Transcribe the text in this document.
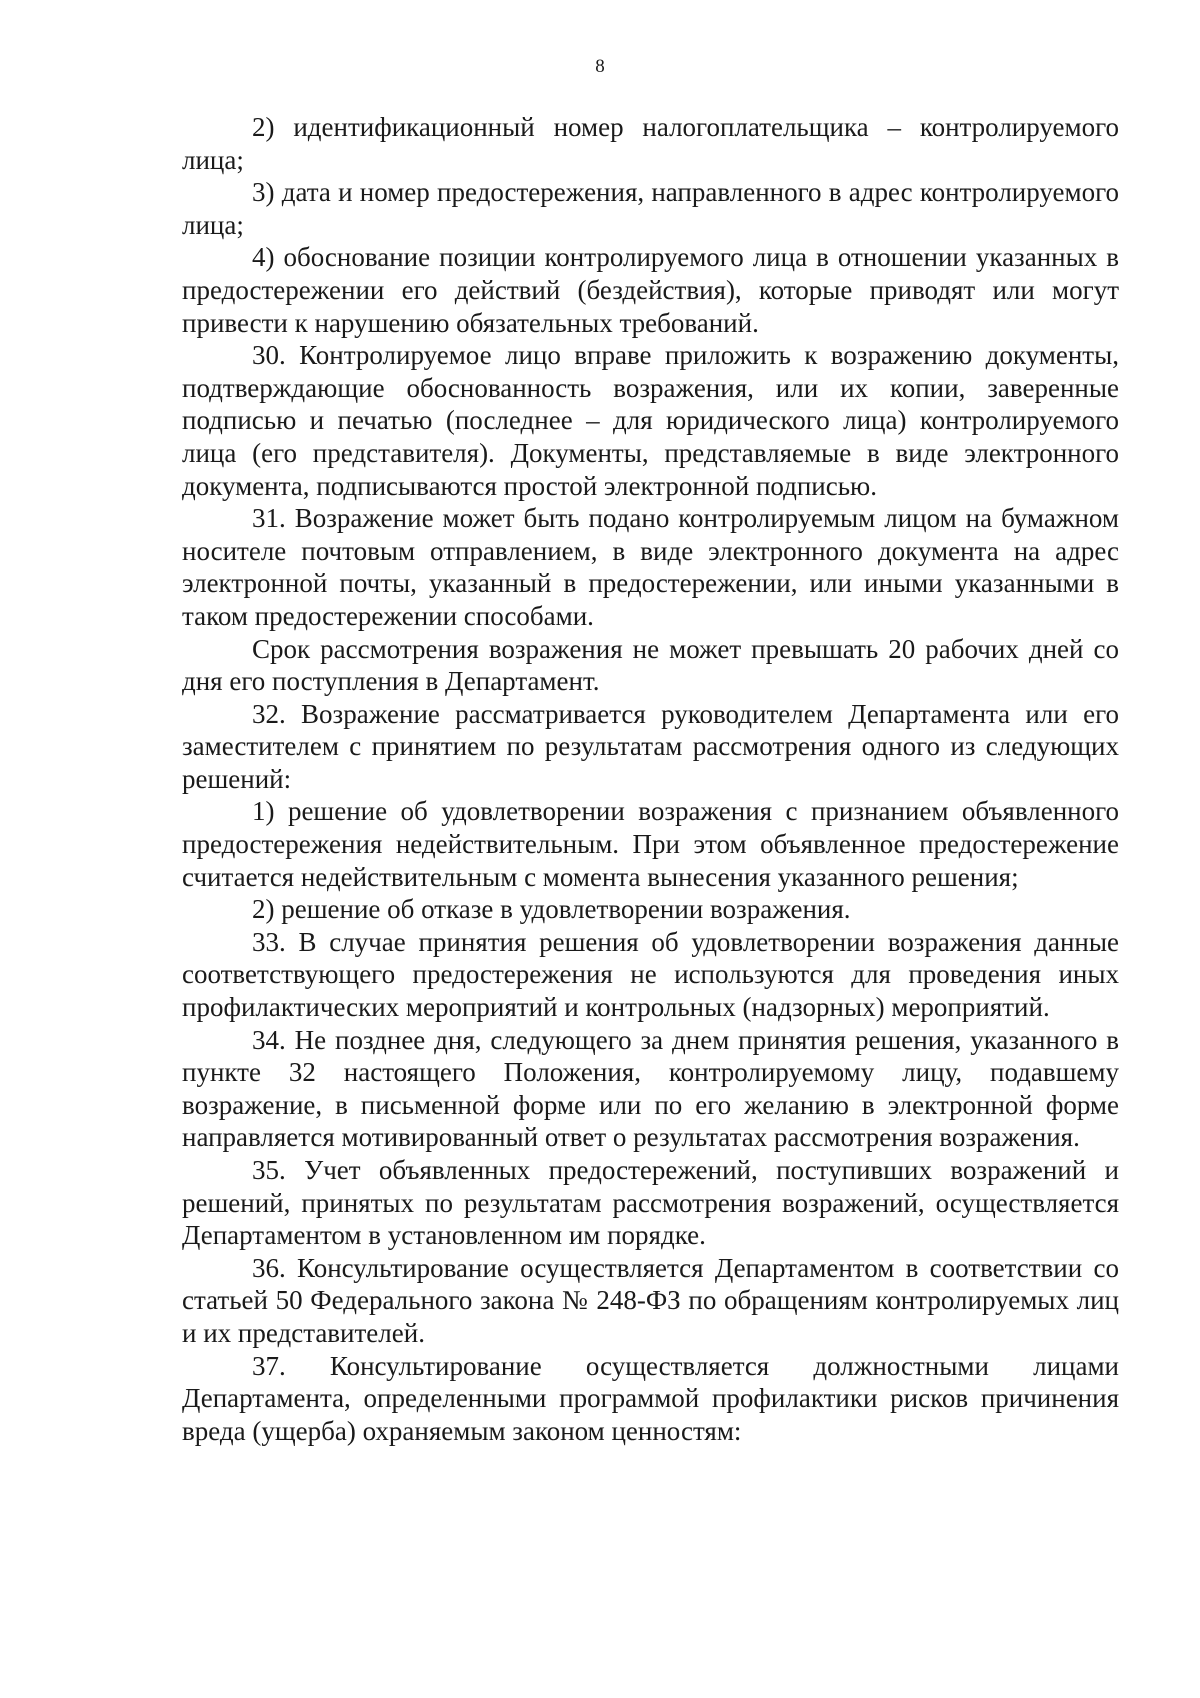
8

2) идентификационный номер налогоплательщика – контролируемого лица;

3) дата и номер предостережения, направленного в адрес контролируемого лица;

4) обоснование позиции контролируемого лица в отношении указанных в предостережении его действий (бездействия), которые приводят или могут привести к нарушению обязательных требований.

30. Контролируемое лицо вправе приложить к возражению документы, подтверждающие обоснованность возражения, или их копии, заверенные подписью и печатью (последнее – для юридического лица) контролируемого лица (его представителя). Документы, представляемые в виде электронного документа, подписываются простой электронной подписью.

31. Возражение может быть подано контролируемым лицом на бумажном носителе почтовым отправлением, в виде электронного документа на адрес электронной почты, указанный в предостережении, или иными указанными в таком предостережении способами.

Срок рассмотрения возражения не может превышать 20 рабочих дней со дня его поступления в Департамент.

32. Возражение рассматривается руководителем Департамента или его заместителем с принятием по результатам рассмотрения одного из следующих решений:

1) решение об удовлетворении возражения с признанием объявленного предостережения недействительным. При этом объявленное предостережение считается недействительным с момента вынесения указанного решения;

2) решение об отказе в удовлетворении возражения.

33. В случае принятия решения об удовлетворении возражения данные соответствующего предостережения не используются для проведения иных профилактических мероприятий и контрольных (надзорных) мероприятий.

34. Не позднее дня, следующего за днем принятия решения, указанного в пункте 32 настоящего Положения, контролируемому лицу, подавшему возражение, в письменной форме или по его желанию в электронной форме направляется мотивированный ответ о результатах рассмотрения возражения.

35. Учет объявленных предостережений, поступивших возражений и решений, принятых по результатам рассмотрения возражений, осуществляется Департаментом в установленном им порядке.

36. Консультирование осуществляется Департаментом в соответствии со статьей 50 Федерального закона № 248-ФЗ по обращениям контролируемых лиц и их представителей.

37. Консультирование осуществляется должностными лицами Департамента, определенными программой профилактики рисков причинения вреда (ущерба) охраняемым законом ценностям:
